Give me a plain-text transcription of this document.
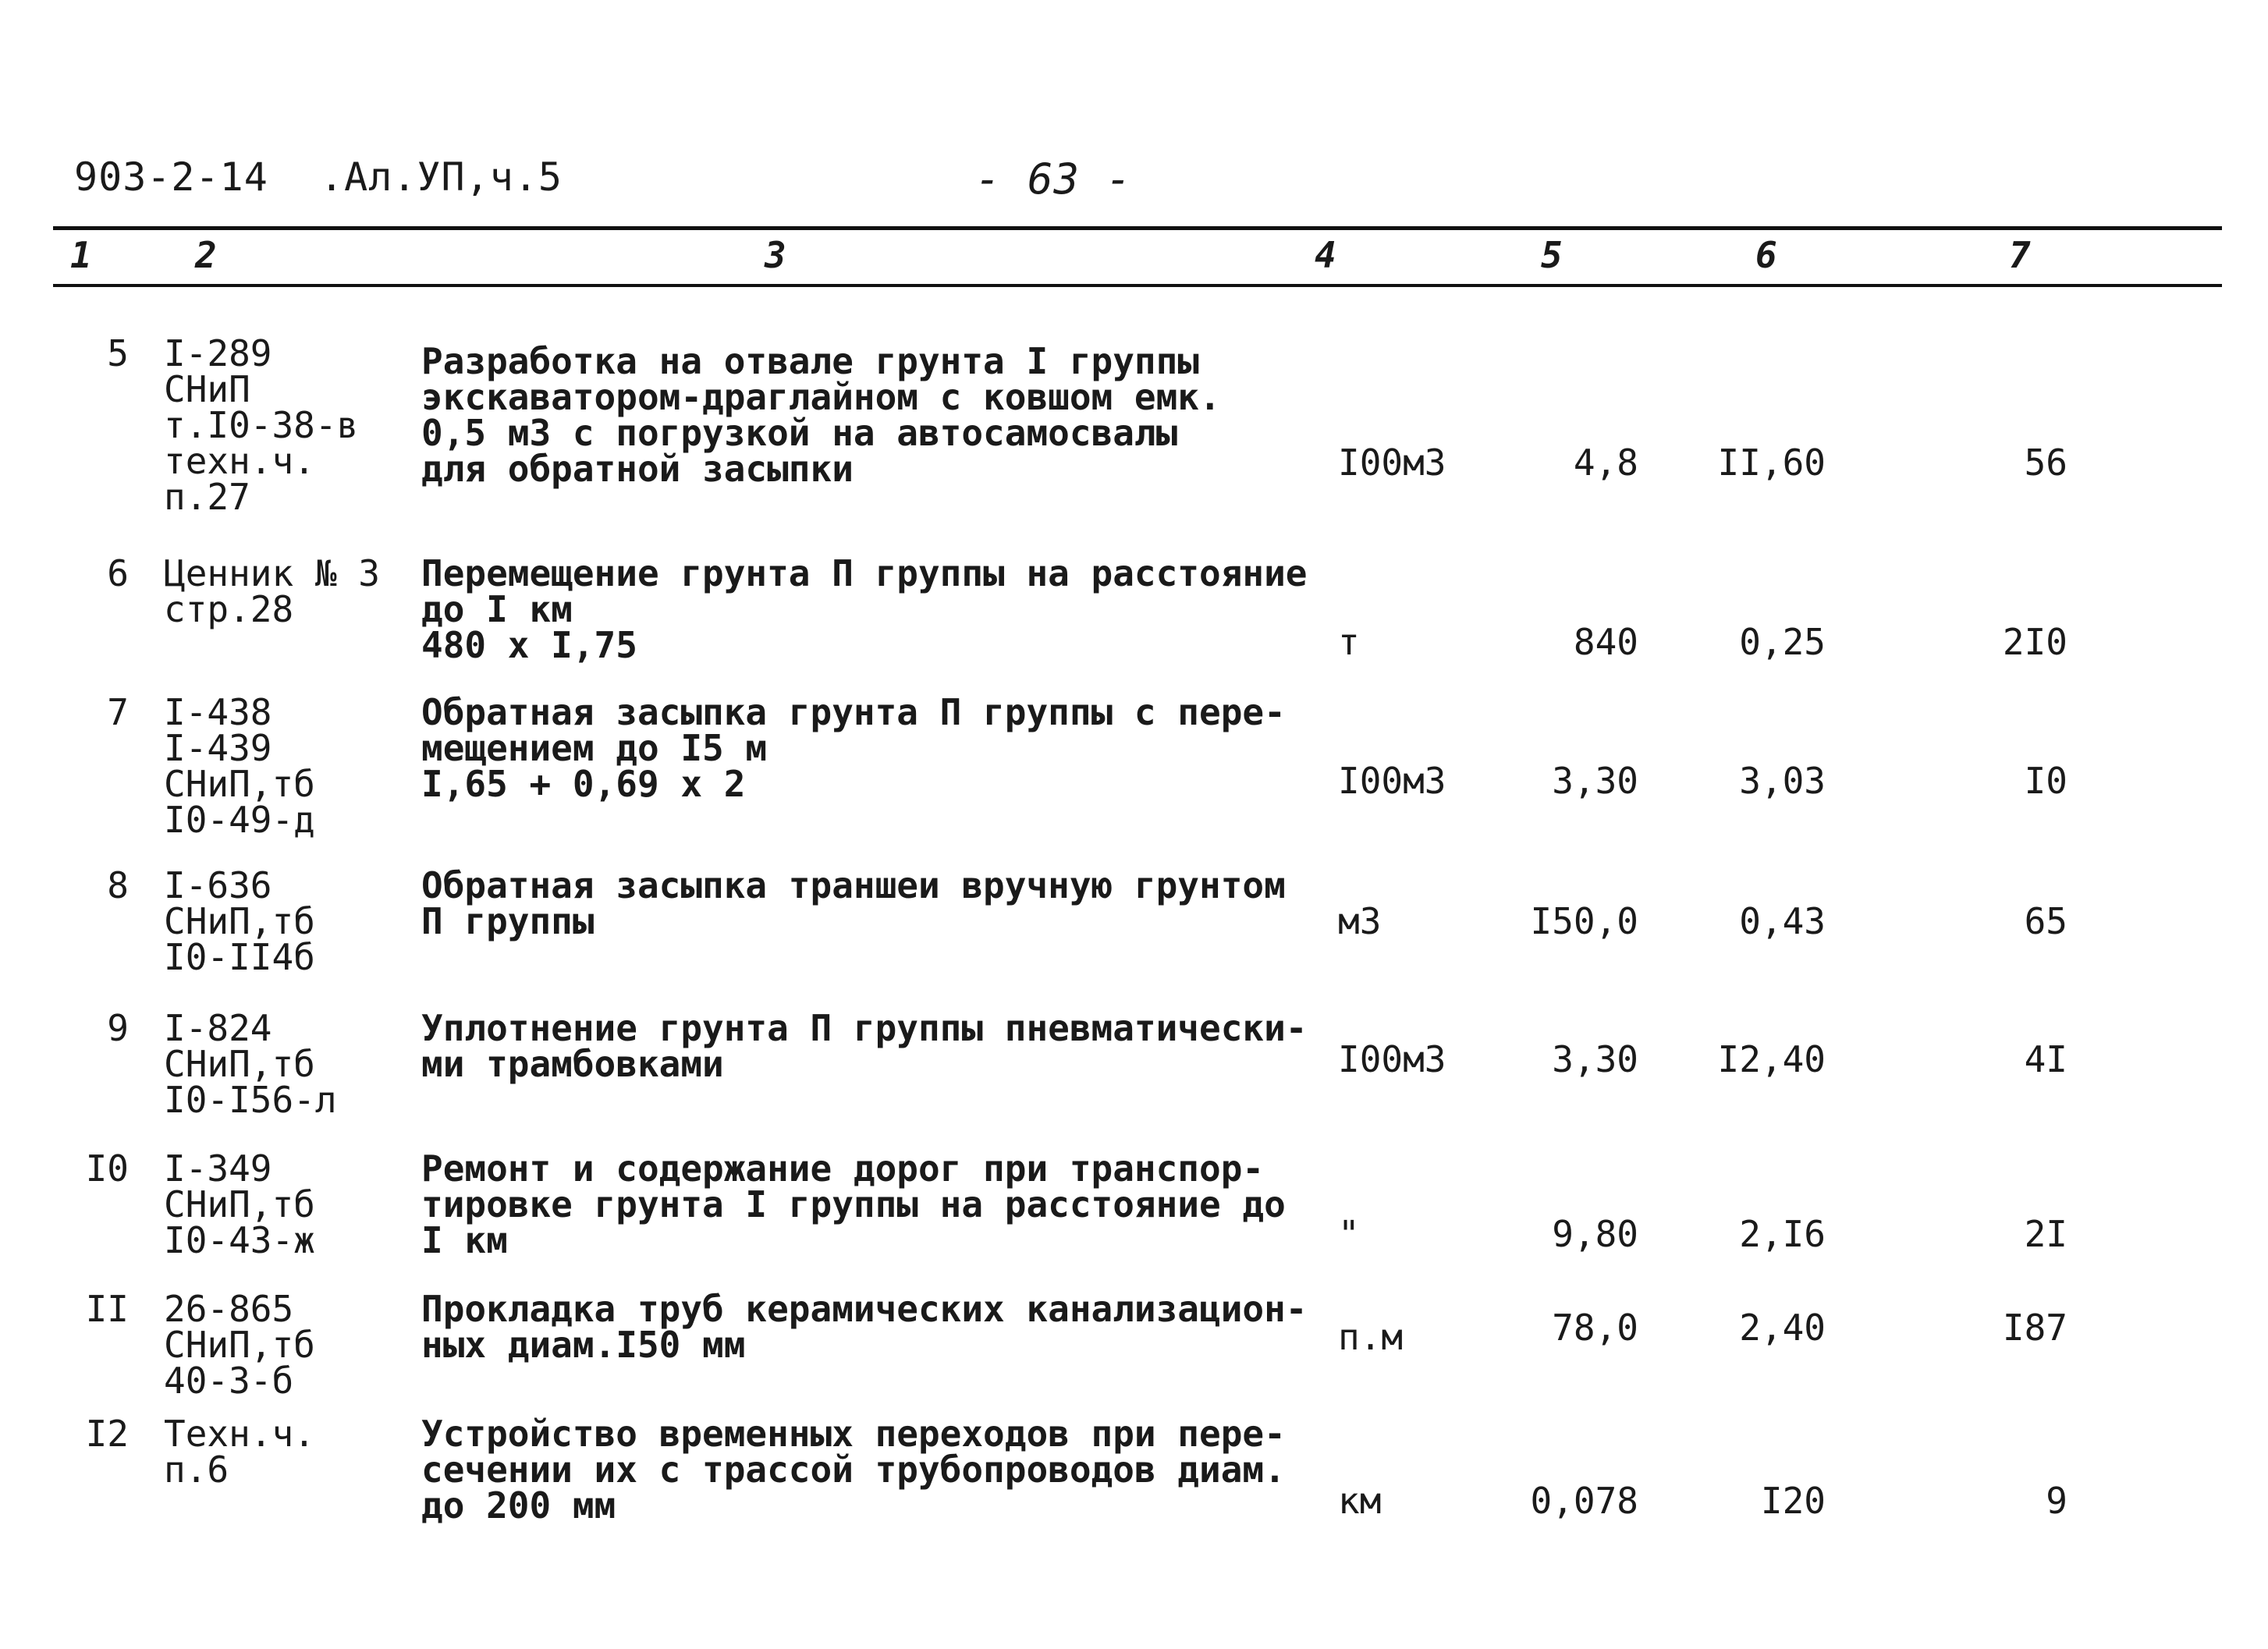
903-2-14 .Ал.УП,ч.5	- 63 -
1	2	3	4	5	6	7
5 I-289
СНиП
т.I0-38-в
техн.ч.
п.27
Разработка на отвале грунта I группы
экскаватором-драглайном с ковшом емк.
0,5 м3 с погрузкой на автосамосвалы
для обратной засыпки	I00м3	4,8	II,60	56
6 Ценник № 3
стр.28
Перемещение грунта П группы на расстояние
до I км
480 х I,75	т	840	0,25	2I0
7 I-438
I-439
СНиП,тб
I0-49-д
Обратная засыпка грунта П группы с пере-
мещением до I5 м
I,65 + 0,69 х 2	I00м3	3,30	3,03	I0
8 I-636
СНиП,тб
I0-II4б
Обратная засыпка траншеи вручную грунтом
П группы	м3	I50,0	0,43	65
9 I-824
СНиП,тб
I0-I56-л
Уплотнение грунта П группы пневматически-
ми трамбовками	I00м3	3,30	I2,40	4I
I0 I-349
СНиП,тб
I0-43-ж
Ремонт и содержание дорог при транспор-
тировке грунта I группы на расстояние до
I км	"	9,80	2,I6	2I
II 26-865
СНиП,тб
40-3-б
Прокладка труб керамических канализацион-
ных диам.I50 мм	п.м	78,0	2,40	I87
I2 Техн.ч.
п.6
Устройство временных переходов при пере-
сечении их с трассой трубопроводов диам.
до 200 мм	км	0,078	I20	9
